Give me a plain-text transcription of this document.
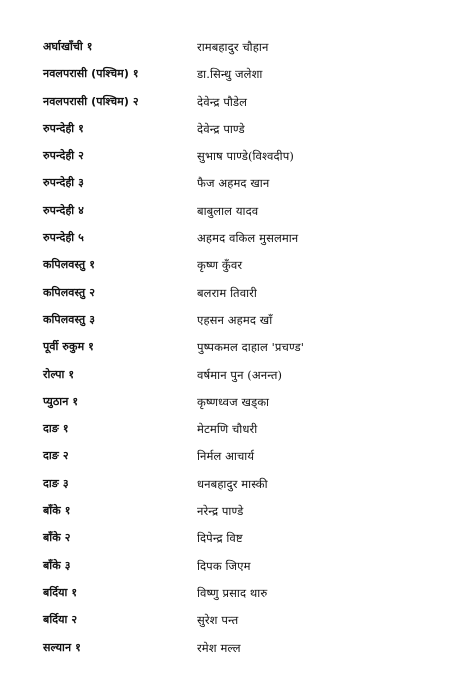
अर्घाखाँची १	रामबहादुर चौहान
नवलपरासी (पश्चिम) १	डा.सिन्धु जलेशा
नवलपरासी (पश्चिम) २	देवेन्द्र पौडेल
रुपन्देही १	देवेन्द्र पाण्डे
रुपन्देही २	सुभाष पाण्डे(विश्वदीप)
रुपन्देही ३	फैज अहमद खान
रुपन्देही ४	बाबुलाल यादव
रुपन्देही ५	अहमद वकिल मुसलमान
कपिलवस्तु १	कृष्ण कुँवर
कपिलवस्तु २	बलराम तिवारी
कपिलवस्तु ३	एहसन अहमद खाँ
पूर्वी रुकुम १	पुष्पकमल दाहाल 'प्रचण्ड'
रोल्पा १	वर्षमान पुन (अनन्त)
प्युठान १	कृष्णध्वज खड्का
दाङ १	मेटमणि चौधरी
दाङ २	निर्मल आचार्य
दाङ ३	धनबहादुर मास्की
बाँके १	नरेन्द्र पाण्डे
बाँके २	दिपेन्द्र विष्ट
बाँके ३	दिपक जिएम
बर्दिया १	विष्णु प्रसाद थारु
बर्दिया २	सुरेश पन्त
सल्यान १	रमेश मल्ल
